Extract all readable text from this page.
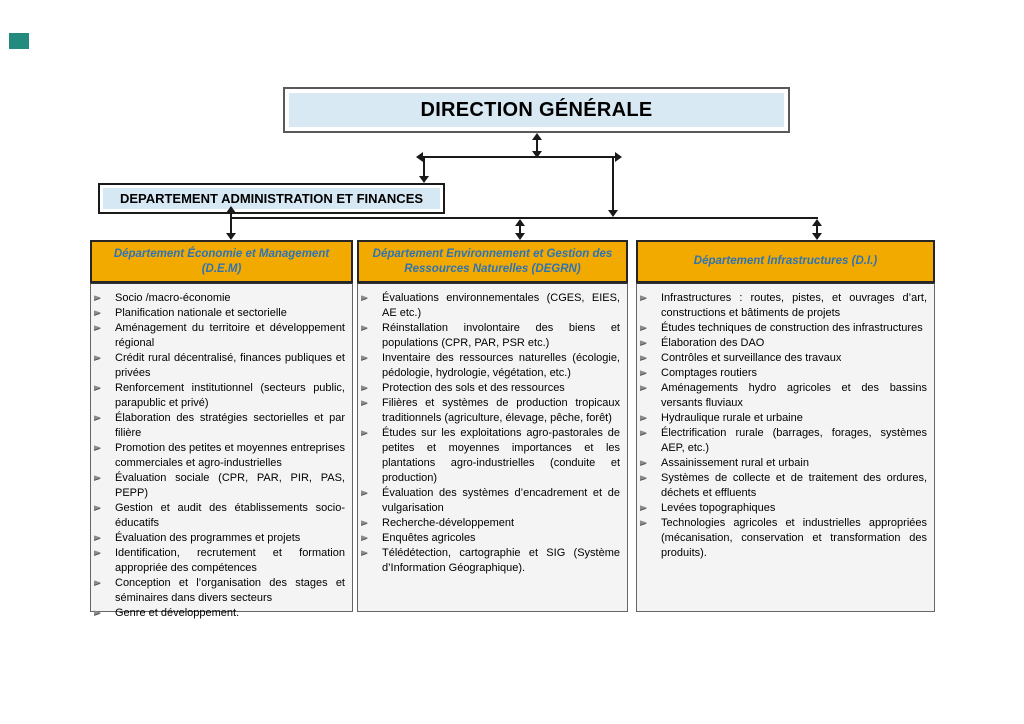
DIRECTION GÉNÉRALE
DEPARTEMENT ADMINISTRATION ET FINANCES
Département Économie et Management (D.E.M)
► Socio /macro-économie
► Planification nationale et sectorielle
► Aménagement du territoire et développement régional
► Crédit rural décentralisé, finances publiques et privées
► Renforcement institutionnel (secteurs public, parapublic et privé)
► Élaboration des stratégies sectorielles et par filière
► Promotion des petites et moyennes entreprises commerciales et agro-industrielles
► Évaluation sociale (CPR, PAR, PIR, PAS, PEPP)
► Gestion et audit des établissements socio-éducatifs
► Évaluation des programmes et projets
► Identification, recrutement et formation appropriée des compétences
► Conception et l’organisation des stages et séminaires dans divers secteurs
► Genre et développement.
Département Environnement et Gestion des Ressources Naturelles (DEGRN)
► Évaluations environnementales (CGES, EIES, AE etc.)
► Réinstallation involontaire des biens et populations (CPR, PAR, PSR etc.)
► Inventaire des ressources naturelles (écologie, pédologie, hydrologie, végétation, etc.)
► Protection des sols et des ressources
► Filières et systèmes de production tropicaux traditionnels (agriculture, élevage, pêche, forêt)
► Études sur les exploitations agro-pastorales de petites et moyennes importances et les plantations agro-industrielles (conduite et production)
► Évaluation des systèmes d’encadrement et de vulgarisation
► Recherche-développement
► Enquêtes agricoles
► Télédétection, cartographie et SIG (Système d’Information Géographique).
Département Infrastructures (D.I.)
► Infrastructures : routes, pistes, et ouvrages d’art, constructions et bâtiments de projets
► Études techniques de construction des infrastructures
► Élaboration des DAO
► Contrôles et surveillance des travaux
► Comptages routiers
► Aménagements hydro agricoles et des bassins versants fluviaux
► Hydraulique rurale et urbaine
► Électrification rurale (barrages, forages, systèmes AEP, etc.)
► Assainissement rural et urbain
► Systèmes de collecte et de traitement des ordures, déchets et effluents
► Levées topographiques
► Technologies agricoles et industrielles appropriées (mécanisation, conservation et transformation des produits).
